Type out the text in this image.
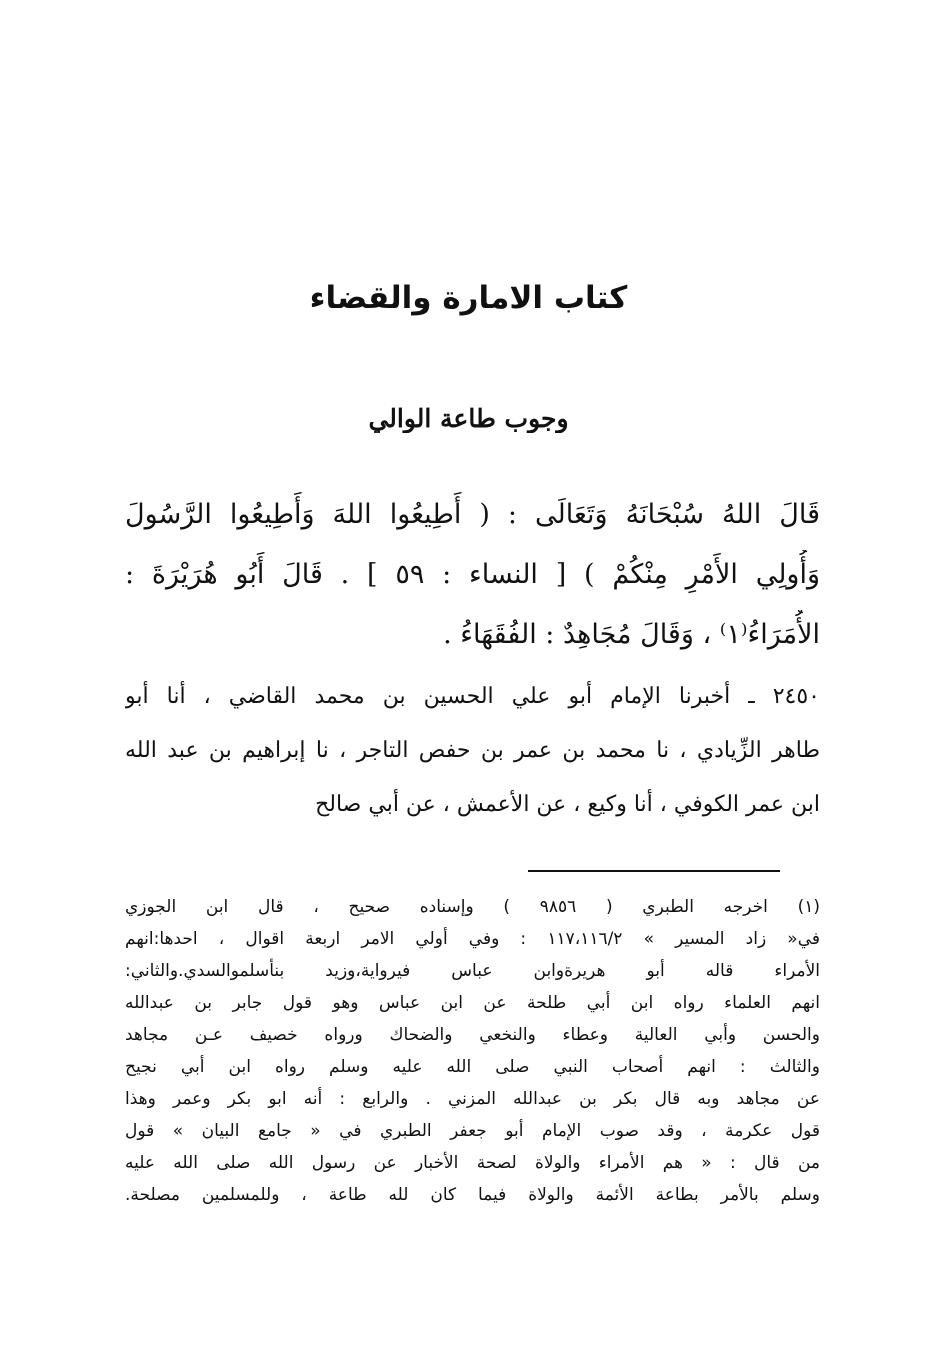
كتاب الامارة والقضاء
وجوب طاعة الوالي
قَالَ اللهُ سُبْحَانَهُ وَتَعَالَى : ( أَطِيعُوا اللهَ وَأَطِيعُوا الرَّسُولَ
وَأُولِي الأَمْرِ مِنْكُمْ ) [ النساء : ٥٩ ] . قَالَ أَبُو هُرَيْرَةَ :
الأُمَرَاءُ⁽١⁾ ، وَقَالَ مُجَاهِدٌ : الفُقَهَاءُ .
٢٤٥٠ ـ أخبرنا الإمام أبو علي الحسين بن محمد القاضي ، أنا أبو
طاهر الزِّيادي ، نا محمد بن عمر بن حفص التاجر ، نا إبراهيم بن عبد الله
ابن عمر الكوفي ، أنا وكيع ، عن الأعمش ، عن أبي صالح
(١) اخرجه الطبري ( ٩٨٥٦ ) وإسناده صحيح ، قال ابن الجوزي
في« زاد المسير » ١١٧،١١٦/٢ : وفي أولي الامر اربعة اقوال ، احدها:انهم
الأمراء قاله أبو هريرةوابن عباس فيرواية،وزيد بنأسلموالسدي.والثاني:
انهم العلماء رواه ابن أبي طلحة عن ابن عباس وهو قول جابر بن عبدالله
والحسن وأبي العالية وعطاء والنخعي والضحاك ورواه خصيف عـن مجاهد
والثالث : انهم أصحاب النبي صلى الله عليه وسلم رواه ابن أبي نجيح
عن مجاهد وبه قال بكر بن عبدالله المزني . والرابع : أنه ابو بكر وعمر وهذا
قول عكرمة ، وقد صوب الإمام أبو جعفر الطبري في « جامع البيان » قول
من قال : « هم الأمراء والولاة لصحة الأخبار عن رسول الله صلى الله عليه
وسلم بالأمر بطاعة الأئمة والولاة فيما كان لله طاعة ، وللمسلمين مصلحة.
